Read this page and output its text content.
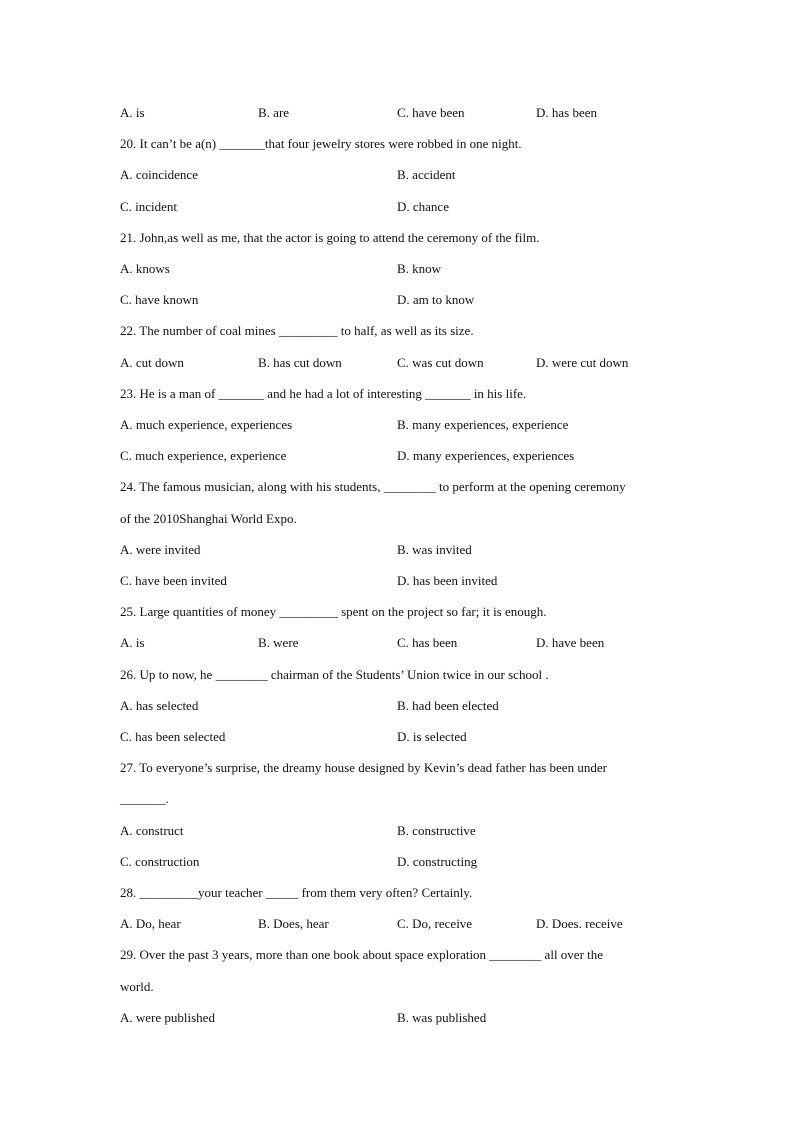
A. is	B. are	C. have been	D. has been
20. It can’t be a(n) _______that four jewelry stores were robbed in one night.
A. coincidence	B. accident
C. incident	D. chance
21. John,as well as me, that the actor is going to attend the ceremony of the film.
A. knows	B. know
C. have known	D. am to know
22. The number of coal mines _________ to half, as well as its size.
A. cut down	B. has cut down	C. was cut down	D. were cut down
23. He is a man of _______ and he had a lot of interesting _______ in his life.
A. much experience, experiences	B. many experiences, experience
C. much experience, experience	D. many experiences, experiences
24. The famous musician, along with his students, ________ to perform at the opening ceremony
of the 2010Shanghai World Expo.
A. were invited	B. was invited
C. have been invited	D. has been invited
25. Large quantities of money _________ spent on the project so far; it is enough.
A. is	B. were	C. has been	D. have been
26. Up to now, he ________ chairman of the Students’ Union twice in our school .
A. has selected	B. had been elected
C. has been selected	D. is selected
27. To everyone’s surprise, the dreamy house designed by Kevin’s dead father has been under
_______.
A. construct	B. constructive
C. construction	D. constructing
28. _________your teacher _____ from them very often? Certainly.
A. Do, hear	B. Does, hear	C. Do, receive	D. Does. receive
29. Over the past 3 years, more than one book about space exploration ________ all over the
world.
A. were published	B. was published
